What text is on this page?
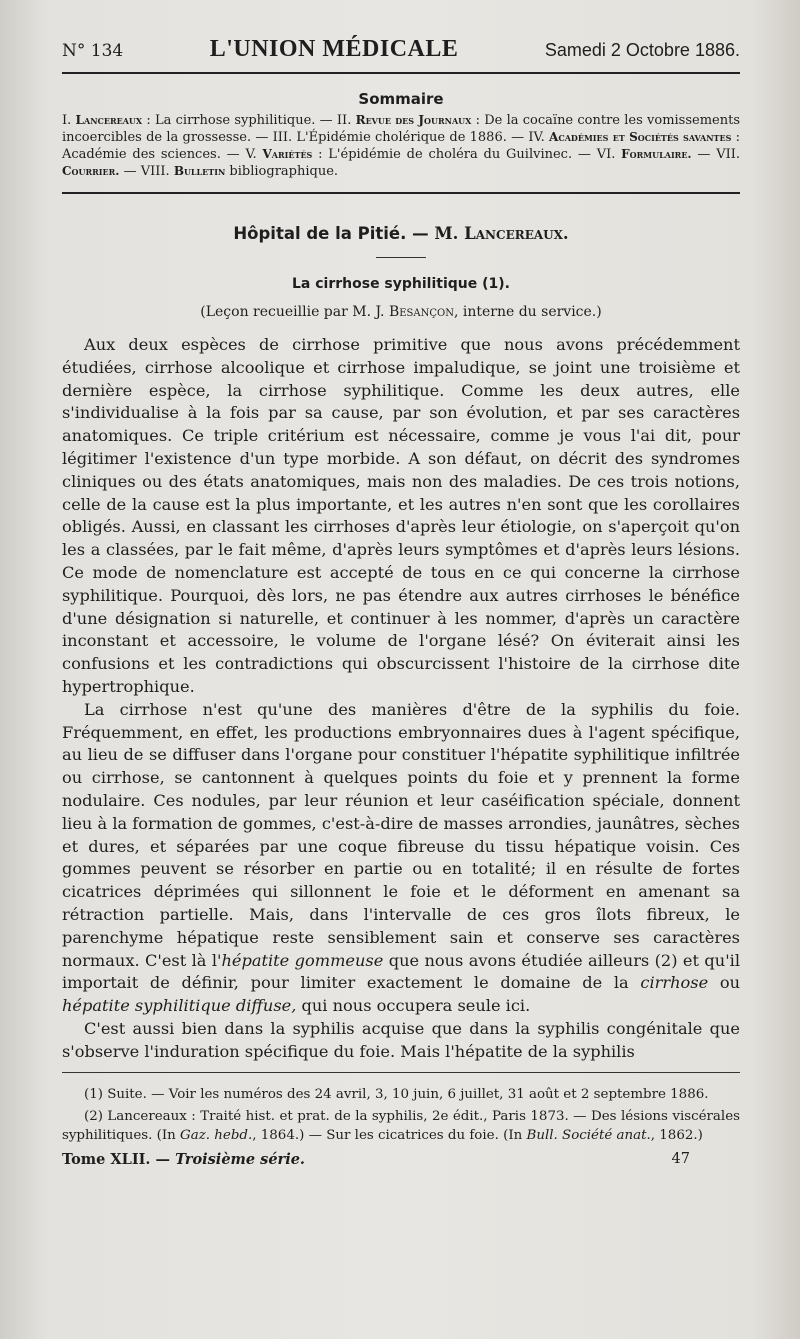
N° 134	L'UNION MÉDICALE	Samedi 2 Octobre 1886.
Sommaire
I. Lancereaux : La cirrhose syphilitique. — II. Revue des Journaux : De la cocaïne contre les vomissements incoercibles de la grossesse. — III. L'Épidémie cholérique de 1886. — IV. Académies et Sociétés savantes : Académie des sciences. — V. Variétés : L'épidémie de choléra du Guilvinec. — VI. Formulaire. — VII. Courrier. — VIII. Bulletin bibliographique.
Hôpital de la Pitié. — M. Lancereaux.
La cirrhose syphilitique (1).
(Leçon recueillie par M. J. Besançon, interne du service.)

Aux deux espèces de cirrhose primitive que nous avons précédemment étudiées, cirrhose alcoolique et cirrhose impaludique, se joint une troisième et dernière espèce, la cirrhose syphilitique. Comme les deux autres, elle s'individualise à la fois par sa cause, par son évolution, et par ses caractères anatomiques. Ce triple critérium est nécessaire, comme je vous l'ai dit, pour légitimer l'existence d'un type morbide. A son défaut, on décrit des syndromes cliniques ou des états anatomiques, mais non des maladies. De ces trois notions, celle de la cause est la plus importante, et les autres n'en sont que les corollaires obligés. Aussi, en classant les cirrhoses d'après leur étiologie, on s'aperçoit qu'on les a classées, par le fait même, d'après leurs symptômes et d'après leurs lésions. Ce mode de nomenclature est accepté de tous en ce qui concerne la cirrhose syphilitique. Pourquoi, dès lors, ne pas étendre aux autres cirrhoses le bénéfice d'une désignation si naturelle, et continuer à les nommer, d'après un caractère inconstant et accessoire, le volume de l'organe lésé? On éviterait ainsi les confusions et les contradictions qui obscurcissent l'histoire de la cirrhose dite hypertrophique.

La cirrhose n'est qu'une des manières d'être de la syphilis du foie. Fréquemment, en effet, les productions embryonnaires dues à l'agent spécifique, au lieu de se diffuser dans l'organe pour constituer l'hépatite syphilitique infiltrée ou cirrhose, se cantonnent à quelques points du foie et y prennent la forme nodulaire. Ces nodules, par leur réunion et leur caséification spéciale, donnent lieu à la formation de gommes, c'est-à-dire de masses arrondies, jaunâtres, sèches et dures, et séparées par une coque fibreuse du tissu hépatique voisin. Ces gommes peuvent se résorber en partie ou en totalité; il en résulte de fortes cicatrices déprimées qui sillonnent le foie et le déforment en amenant sa rétraction partielle. Mais, dans l'intervalle de ces gros îlots fibreux, le parenchyme hépatique reste sensiblement sain et conserve ses caractères normaux. C'est là l'hépatite gommeuse que nous avons étudiée ailleurs (2) et qu'il importait de définir, pour limiter exactement le domaine de la cirrhose ou hépatite syphilitique diffuse, qui nous occupera seule ici.

C'est aussi bien dans la syphilis acquise que dans la syphilis congénitale que s'observe l'induration spécifique du foie. Mais l'hépatite de la syphilis

(1) Suite. — Voir les numéros des 24 avril, 3, 10 juin, 6 juillet, 31 août et 2 septembre 1886.

(2) Lancereaux : Traité hist. et prat. de la syphilis, 2e édit., Paris 1873. — Des lésions viscérales syphilitiques. (In Gaz. hebd., 1864.) — Sur les cicatrices du foie. (In Bull. Société anat., 1862.)

Tome XLII. — Troisième série.	47
